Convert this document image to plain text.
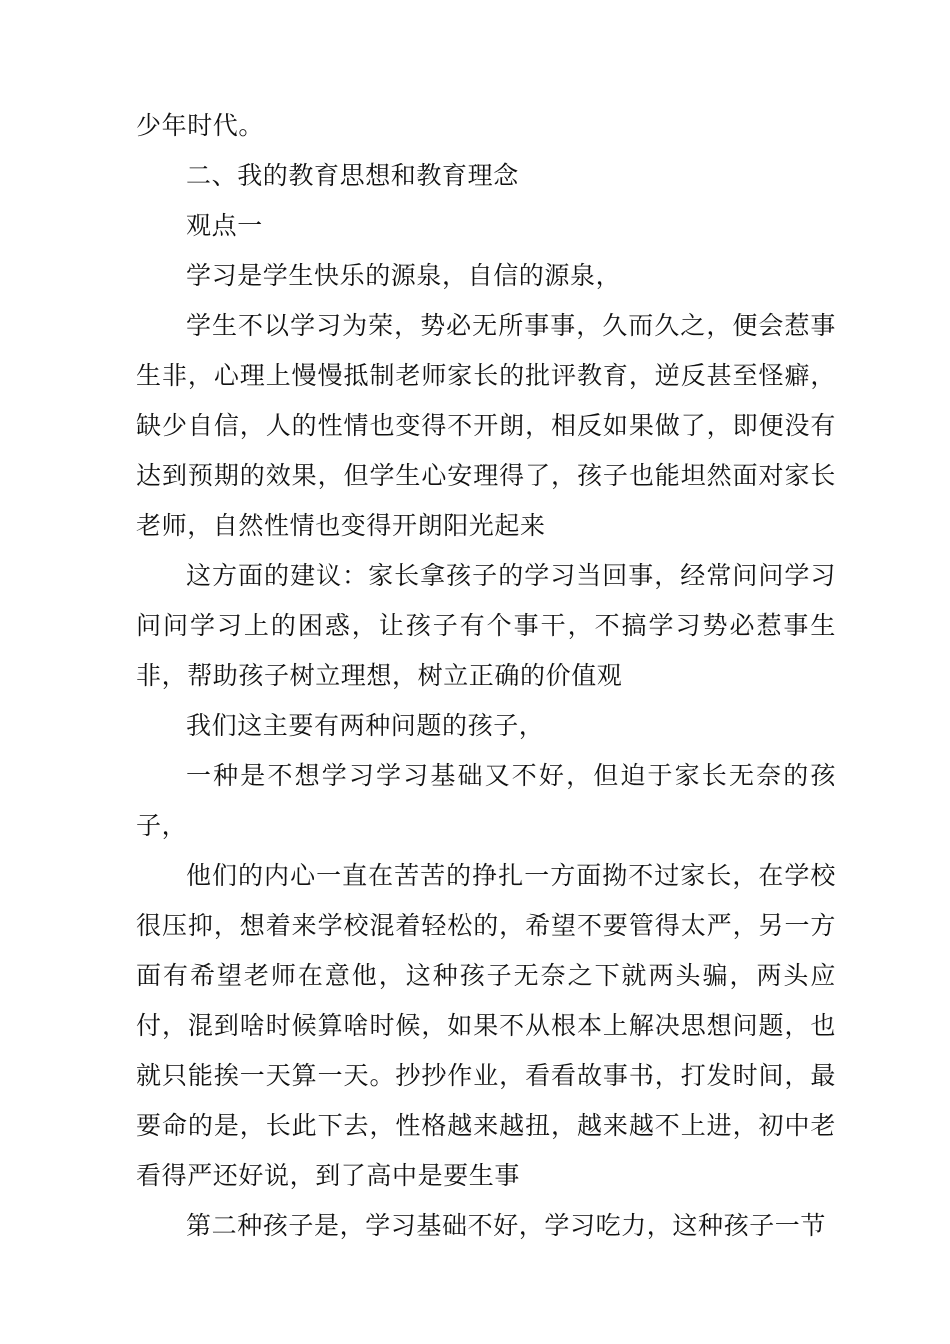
少年时代。

二、我的教育思想和教育理念

观点一

学习是学生快乐的源泉，自信的源泉，

学生不以学习为荣，势必无所事事，久而久之，便会惹事生非，心理上慢慢抵制老师家长的批评教育，逆反甚至怪癖，缺少自信，人的性情也变得不开朗，相反如果做了，即便没有达到预期的效果，但学生心安理得了，孩子也能坦然面对家长老师，自然性情也变得开朗阳光起来

这方面的建议：家长拿孩子的学习当回事，经常问问学习问问学习上的困惑，让孩子有个事干，不搞学习势必惹事生非，帮助孩子树立理想，树立正确的价值观

我们这主要有两种问题的孩子，

一种是不想学习学习基础又不好，但迫于家长无奈的孩子，

他们的内心一直在苦苦的挣扎一方面拗不过家长，在学校很压抑，想着来学校混着轻松的，希望不要管得太严，另一方面有希望老师在意他，这种孩子无奈之下就两头骗，两头应付，混到啥时候算啥时候，如果不从根本上解决思想问题，也就只能挨一天算一天。抄抄作业，看看故事书，打发时间，最要命的是，长此下去，性格越来越扭，越来越不上进，初中老看得严还好说，到了高中是要生事

第二种孩子是，学习基础不好，学习吃力，这种孩子一节
